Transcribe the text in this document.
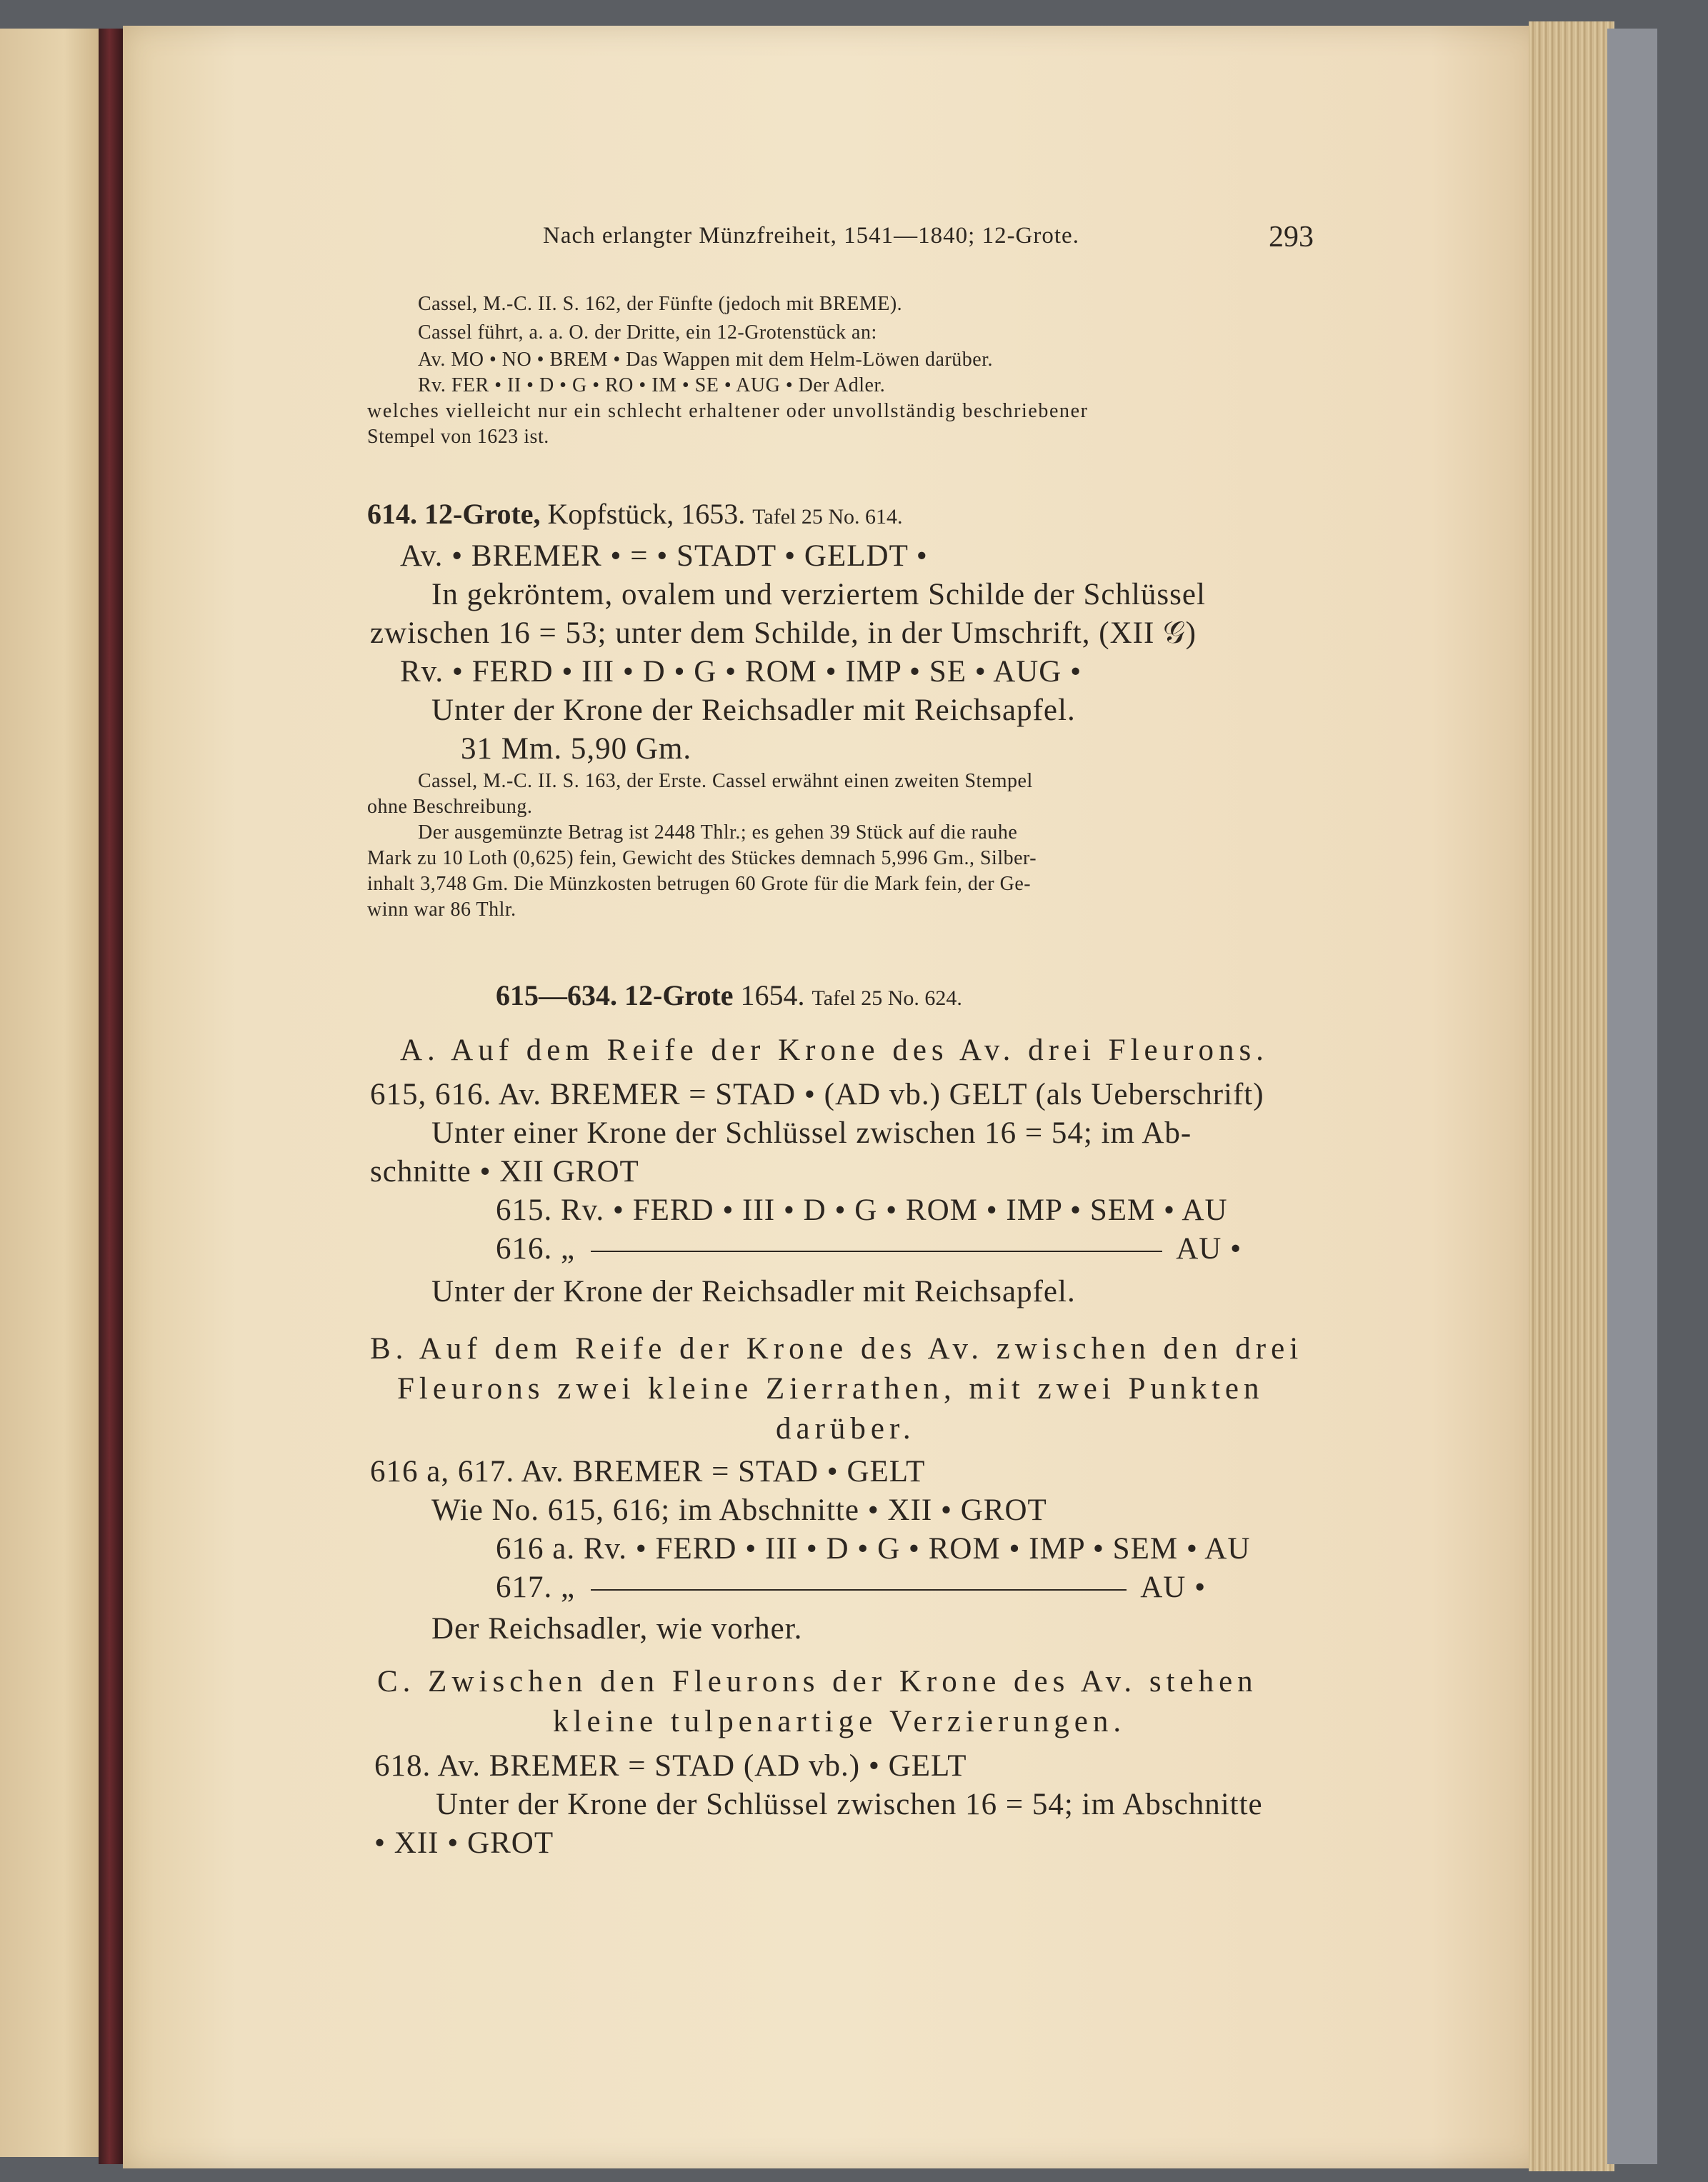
Nach erlangter Münzfreiheit, 1541—1840; 12-Grote.	293
Cassel, M.-C. II. S. 162, der Fünfte (jedoch mit BREME).
Cassel führt, a. a. O. der Dritte, ein 12-Grotenstück an:
Av. MO • NO • BREM • Das Wappen mit dem Helm-Löwen darüber.
Rv. FER • II • D • G • RO • IM • SE • AUG • Der Adler.
welches vielleicht nur ein schlecht erhaltener oder unvollständig beschriebener
Stempel von 1623 ist.
614. 12-Grote, Kopfstück, 1653. Tafel 25 No. 614.
Av. • BREMER • = • STADT • GELDT •
In gekröntem, ovalem und verziertem Schilde der Schlüssel
zwischen 16 = 53; unter dem Schilde, in der Umschrift, (XII 𝒢)
Rv. • FERD • III • D • G • ROM • IMP • SE • AUG •
Unter der Krone der Reichsadler mit Reichsapfel.
31 Mm. 5,90 Gm.
Cassel, M.-C. II. S. 163, der Erste. Cassel erwähnt einen zweiten Stempel
ohne Beschreibung.
Der ausgemünzte Betrag ist 2448 Thlr.; es gehen 39 Stück auf die rauhe
Mark zu 10 Loth (0,625) fein, Gewicht des Stückes demnach 5,996 Gm., Silber-
inhalt 3,748 Gm. Die Münzkosten betrugen 60 Grote für die Mark fein, der Ge-
winn war 86 Thlr.
615—634. 12-Grote 1654. Tafel 25 No. 624.
A. Auf dem Reife der Krone des Av. drei Fleurons.
615, 616. Av. BREMER = STAD • (AD vb.) GELT (als Ueberschrift)
Unter einer Krone der Schlüssel zwischen 16 = 54; im Ab-
schnitte • XII GROT
615. Rv. • FERD • III • D • G • ROM • IMP • SEM • AU
616. „	AU •
Unter der Krone der Reichsadler mit Reichsapfel.
B. Auf dem Reife der Krone des Av. zwischen den drei
Fleurons zwei kleine Zierrathen, mit zwei Punkten
darüber.
616 a, 617. Av. BREMER = STAD • GELT
Wie No. 615, 616; im Abschnitte • XII • GROT
616 a. Rv. • FERD • III • D • G • ROM • IMP • SEM • AU
617. „	AU •
Der Reichsadler, wie vorher.
C. Zwischen den Fleurons der Krone des Av. stehen
kleine tulpenartige Verzierungen.
618. Av. BREMER = STAD (AD vb.) • GELT
Unter der Krone der Schlüssel zwischen 16 = 54; im Abschnitte
• XII • GROT
